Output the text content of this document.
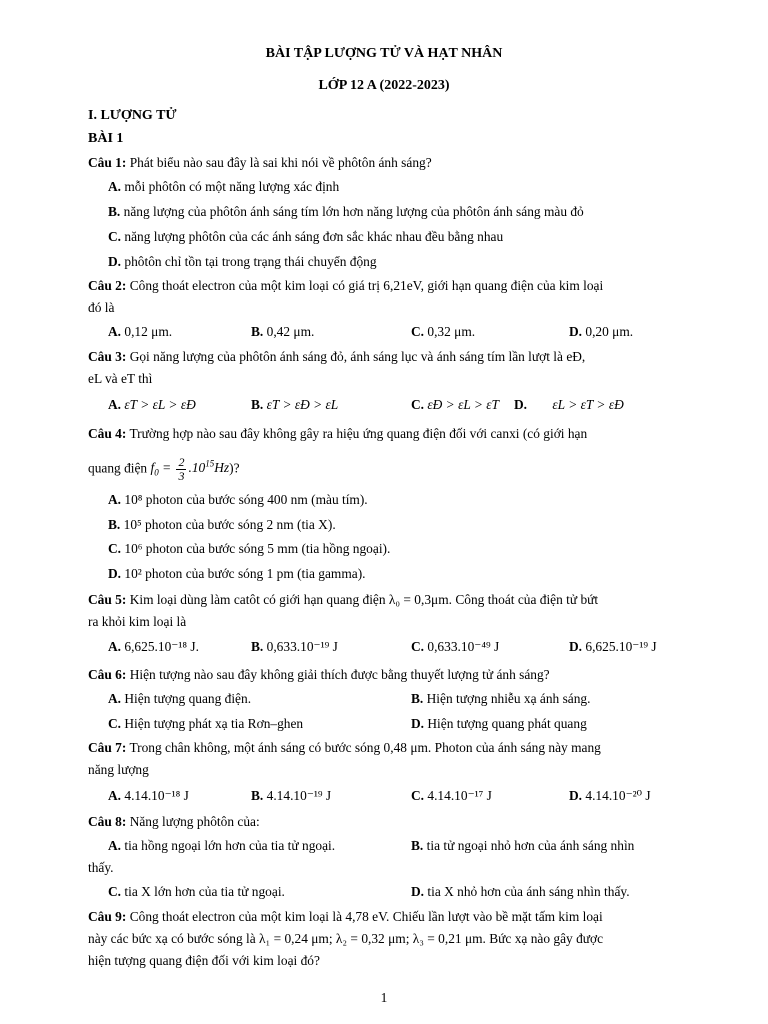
BÀI TẬP LƯỢNG TỬ VÀ HẠT NHÂN
LỚP 12 A (2022-2023)
I. LƯỢNG TỬ
BÀI 1
Câu 1: Phát biểu nào sau đây là sai khi nói về phôtôn ánh sáng?
A. mỗi phôtôn có một năng lượng xác định
B. năng lượng của phôtôn ánh sáng tím lớn hơn năng lượng của phôtôn ánh sáng màu đỏ
C. năng lượng phôtôn của các ánh sáng đơn sắc khác nhau đều bằng nhau
D. phôtôn chỉ tồn tại trong trạng thái chuyển động
Câu 2: Công thoát electron của một kim loại có giá trị 6,21eV, giới hạn quang điện của kim loại
đó là
A. 0,12 μm.	B. 0,42 μm.	C. 0,32 μm.	D. 0,20 μm.
Câu 3: Gọi năng lượng của phôtôn ánh sáng đỏ, ánh sáng lục và ánh sáng tím lần lượt là eĐ,
eL và eT thì
A. εT > εL > εĐ	B. εT > εĐ > εL	C. εĐ > εL > εT D. εL > εT > εĐ
Câu 4: Trường hợp nào sau đây không gây ra hiệu ứng quang điện đối với canxi (có giới hạn
quang điện $f_0 = \frac{2}{3} .10^{15}Hz$)?
A. 10⁸ photon của bước sóng 400 nm (màu tím).
B. 10⁵ photon của bước sóng 2 nm (tia X).
C. 10⁶ photon của bước sóng 5 mm (tia hồng ngoại).
D. 10² photon của bước sóng 1 pm (tia gamma).
Câu 5: Kim loại dùng làm catôt có giới hạn quang điện λ₀ = 0,3μm. Công thoát của điện tử bứt
ra khỏi kim loại là
A. 6,625.10⁻¹⁸ J.	B. 0,633.10⁻¹⁹ J	C. 0,633.10⁻⁴⁹ J	D. 6,625.10⁻¹⁹ J
Câu 6: Hiện tượng nào sau đây không giải thích được bằng thuyết lượng tử ánh sáng?
A. Hiện tượng quang điện.	B. Hiện tượng nhiễu xạ ánh sáng.
C. Hiện tượng phát xạ tia Rơn–ghen	D. Hiện tượng quang phát quang
Câu 7: Trong chân không, một ánh sáng có bước sóng 0,48 μm. Photon của ánh sáng này mang
năng lượng
A. 4.14.10⁻¹⁸ J	B. 4.14.10⁻¹⁹ J	C. 4.14.10⁻¹⁷ J	D. 4.14.10⁻²⁰ J
Câu 8: Năng lượng phôtôn của:
A. tia hồng ngoại lớn hơn của tia tử ngoại.	B. tia tử ngoại nhỏ hơn của ánh sáng nhìn
thấy.
C. tia X lớn hơn của tia tử ngoại.	D. tia X nhỏ hơn của ánh sáng nhìn thấy.
Câu 9: Công thoát electron của một kim loại là 4,78 eV. Chiếu lần lượt vào bề mặt tấm kim loại
này các bức xạ có bước sóng là λ₁ = 0,24 μm; λ₂ = 0,32 μm; λ₃ = 0,21 μm. Bức xạ nào gây được
hiện tượng quang điện đối với kim loại đó?
1
